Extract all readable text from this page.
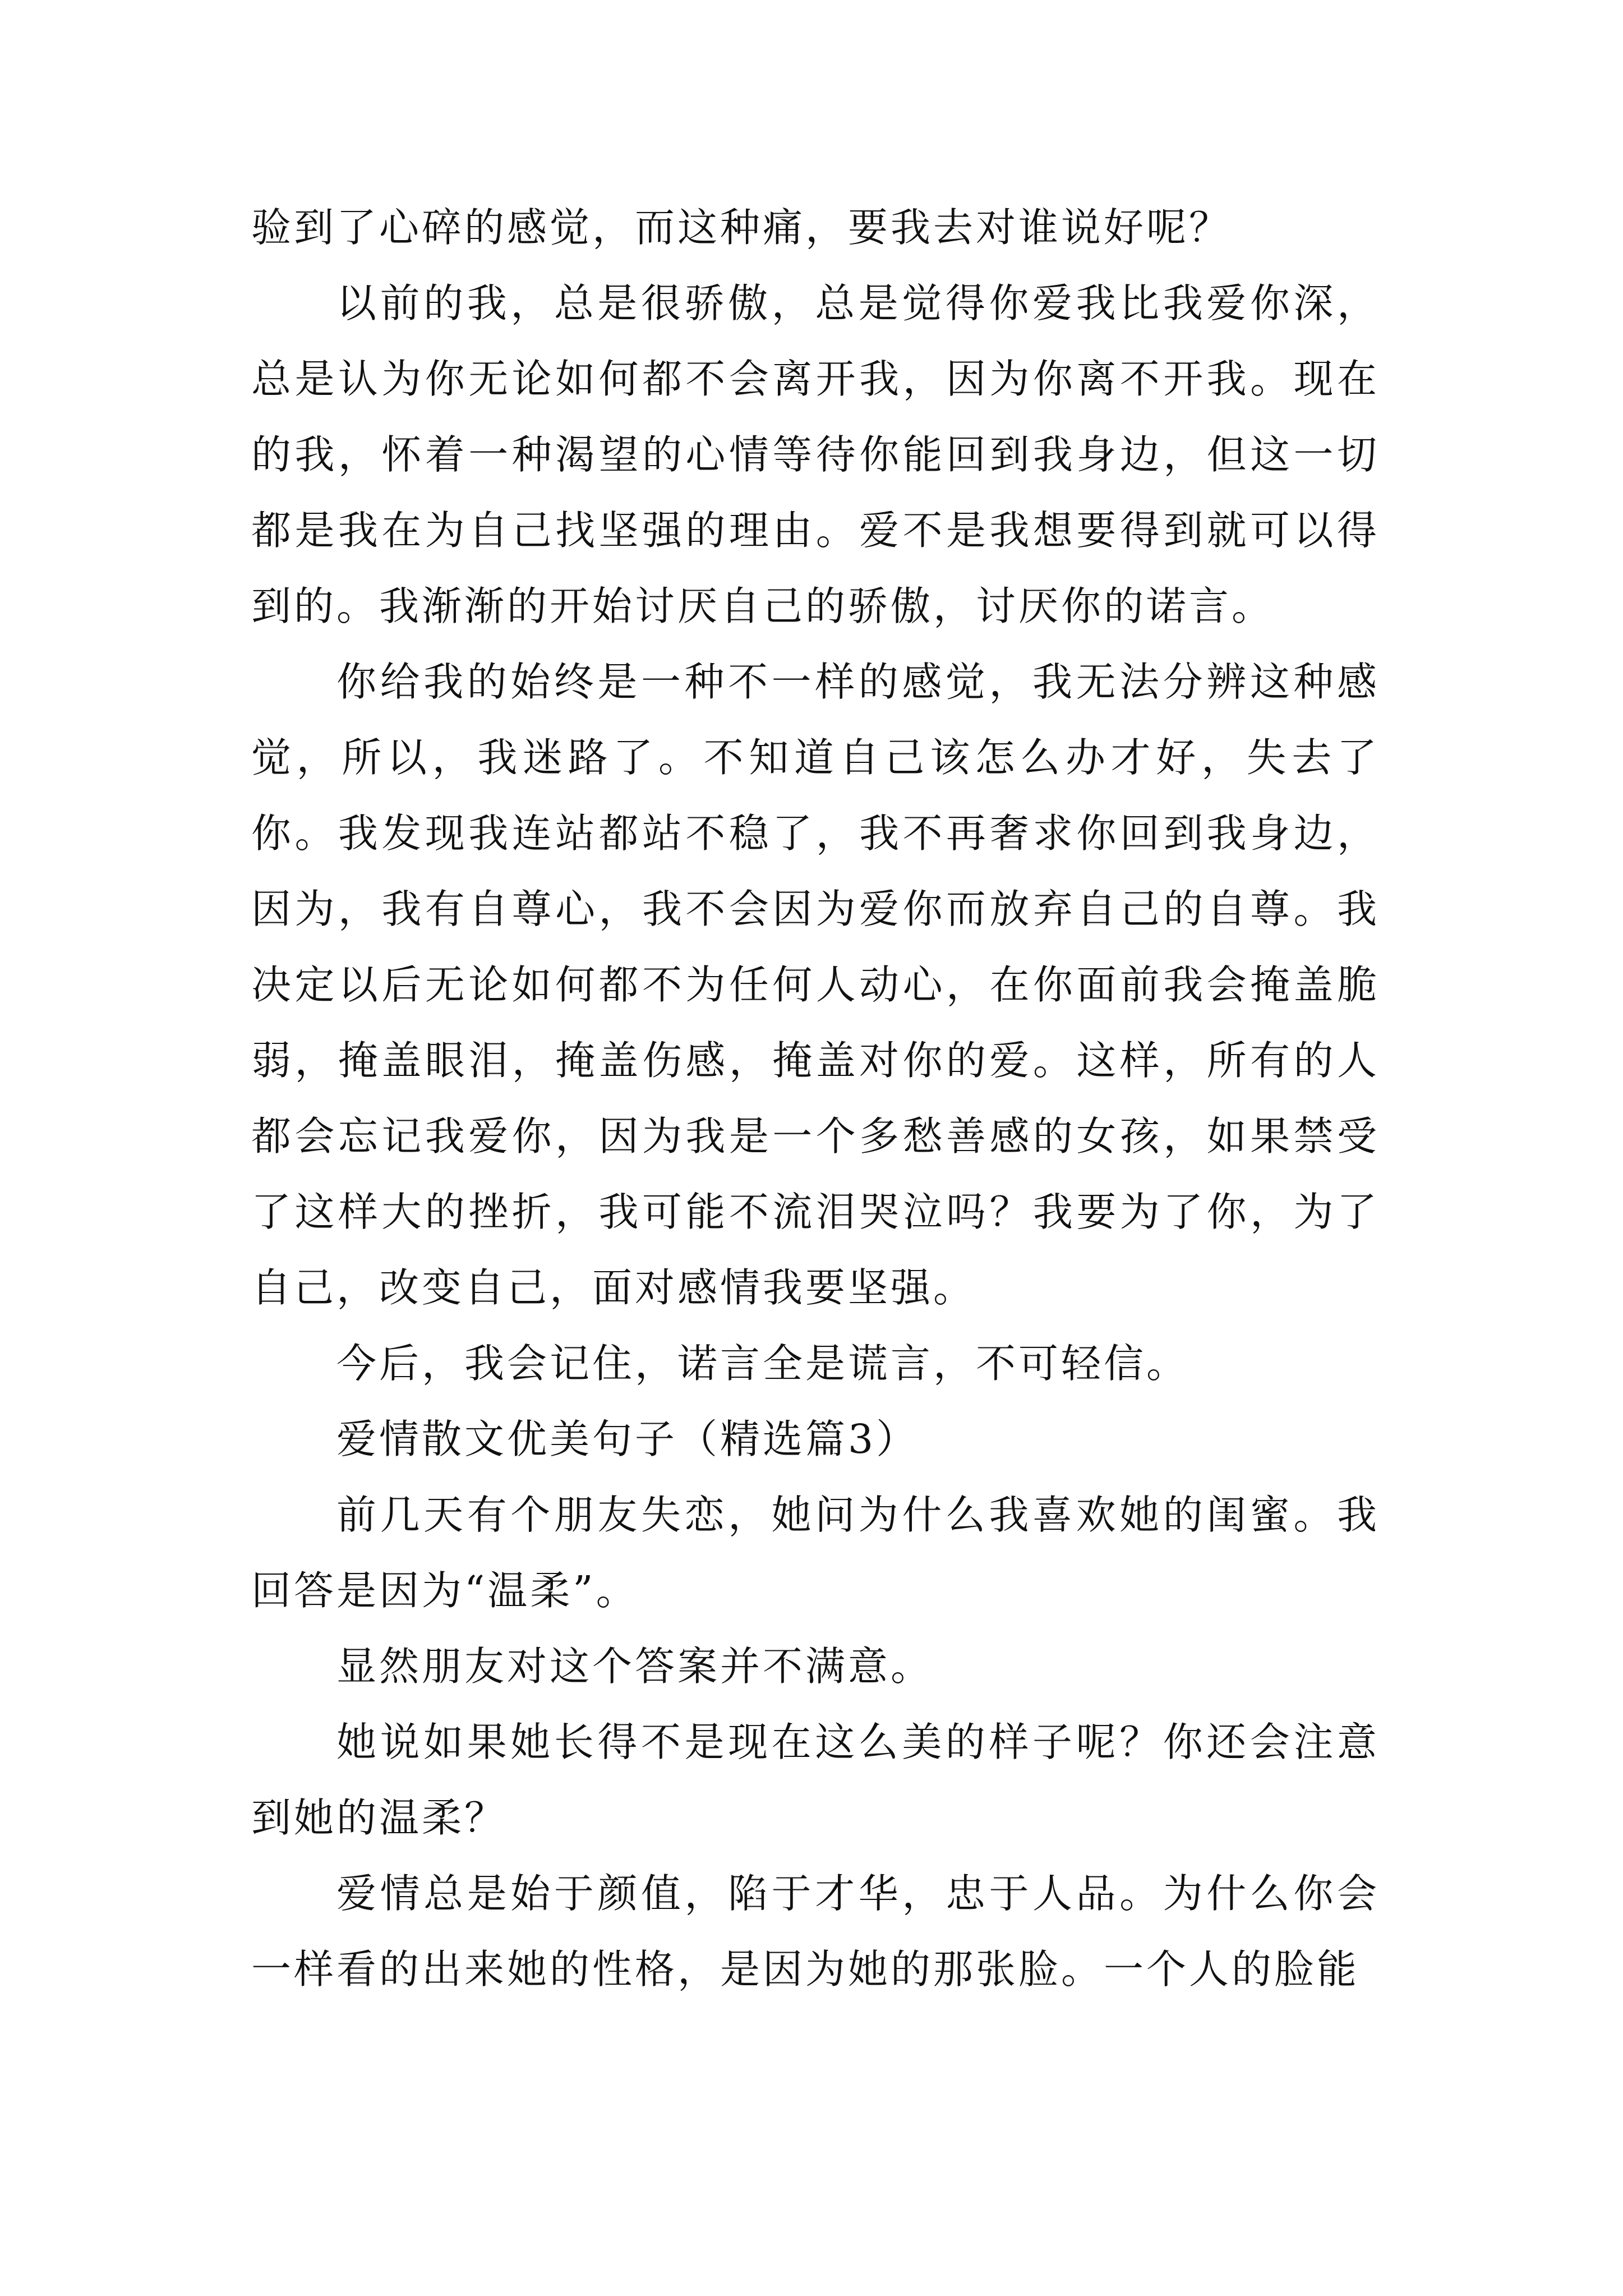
验到了心碎的感觉，而这种痛，要我去对谁说好呢？

以前的我，总是很骄傲，总是觉得你爱我比我爱你深，总是认为你无论如何都不会离开我，因为你离不开我。现在的我，怀着一种渴望的心情等待你能回到我身边，但这一切都是我在为自己找坚强的理由。爱不是我想要得到就可以得到的。我渐渐的开始讨厌自己的骄傲，讨厌你的诺言。

你给我的始终是一种不一样的感觉，我无法分辨这种感觉，所以，我迷路了。不知道自己该怎么办才好，失去了你。我发现我连站都站不稳了，我不再奢求你回到我身边，因为，我有自尊心，我不会因为爱你而放弃自己的自尊。我决定以后无论如何都不为任何人动心，在你面前我会掩盖脆弱，掩盖眼泪，掩盖伤感，掩盖对你的爱。这样，所有的人都会忘记我爱你，因为我是一个多愁善感的女孩，如果禁受了这样大的挫折，我可能不流泪哭泣吗？我要为了你，为了自己，改变自己，面对感情我要坚强。

今后，我会记住，诺言全是谎言，不可轻信。

爱情散文优美句子（精选篇3）

前几天有个朋友失恋，她问为什么我喜欢她的闺蜜。我回答是因为“温柔”。

显然朋友对这个答案并不满意。

她说如果她长得不是现在这么美的样子呢？你还会注意到她的温柔？

爱情总是始于颜值，陷于才华，忠于人品。为什么你会一样看的出来她的性格，是因为她的那张脸。一个人的脸能
